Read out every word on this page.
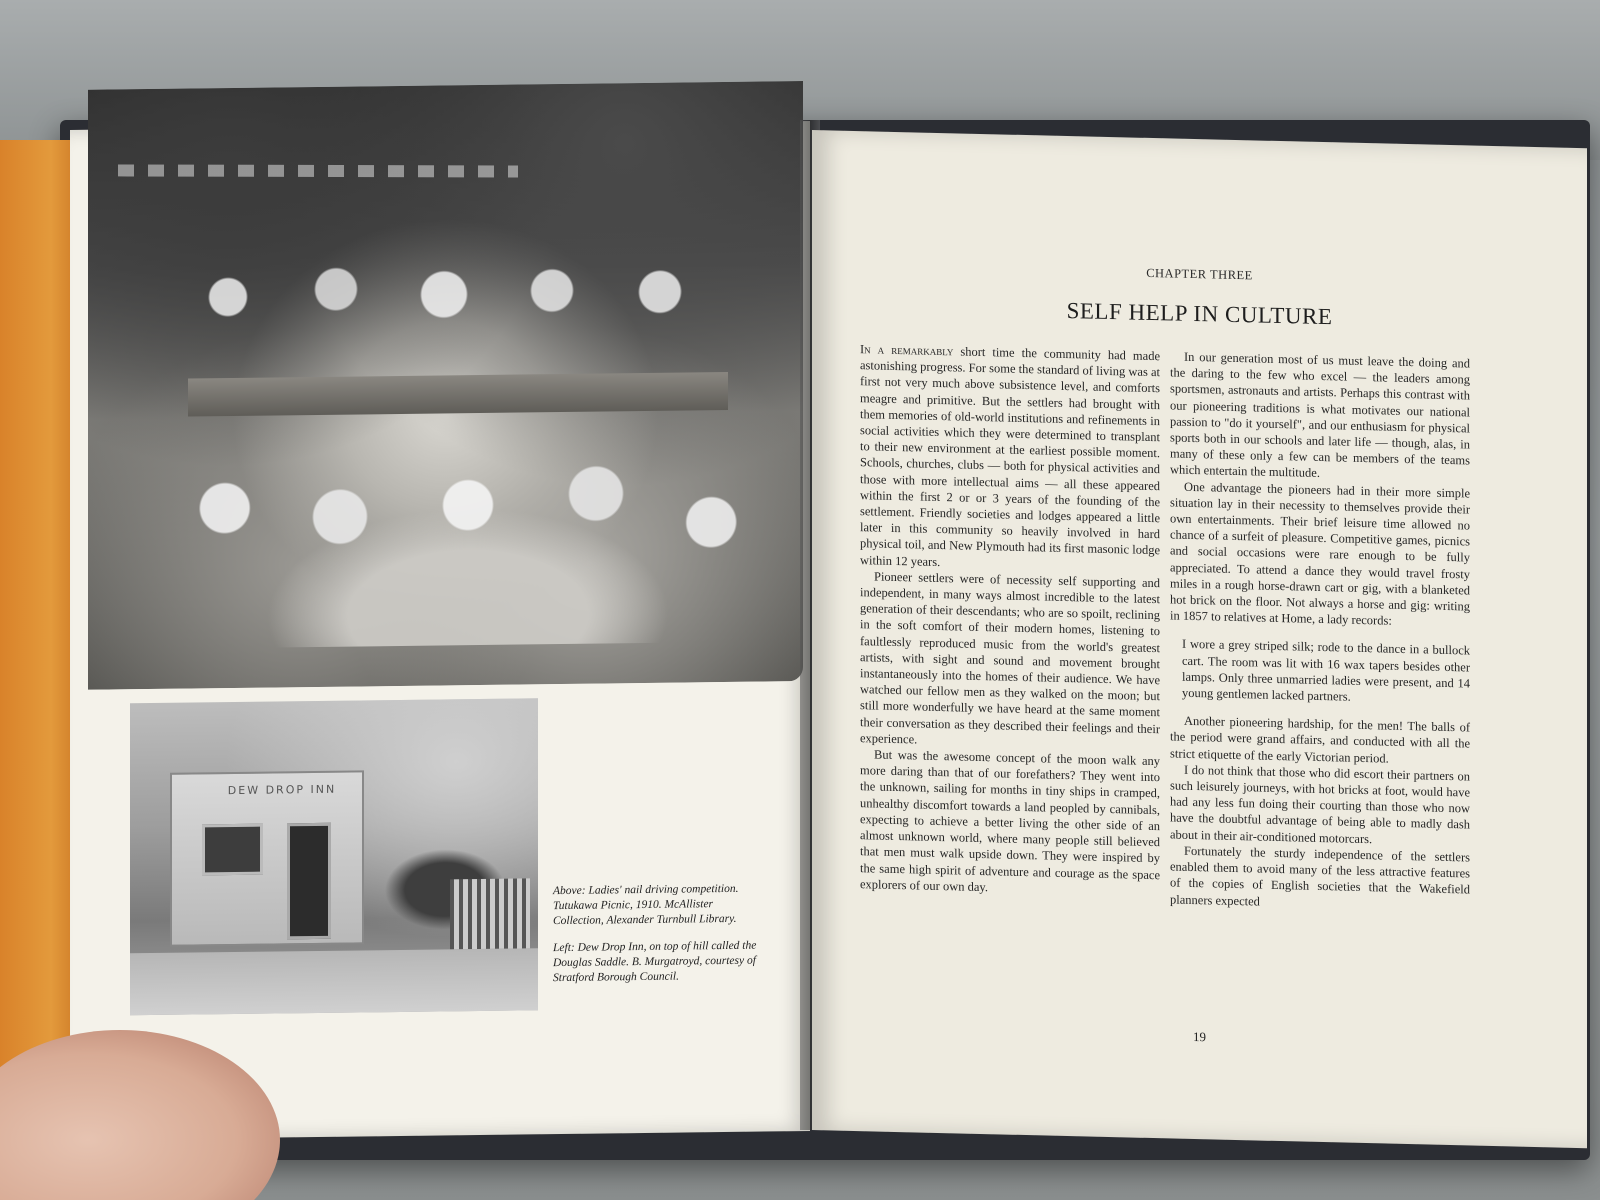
DEW DROP INN

Above: Ladies' nail driving competition. Tutukawa Picnic, 1910. McAllister Collection, Alexander Turnbull Library.

Left: Dew Drop Inn, on top of hill called the Douglas Saddle. B. Murgatroyd, courtesy of Stratford Borough Council.

CHAPTER THREE
SELF HELP IN CULTURE

In a remarkably short time the community had made astonishing progress. For some the standard of living was at first not very much above subsistence level, and comforts meagre and primitive. But the settlers had brought with them memories of old-world institutions and refinements in social activities which they were determined to transplant to their new environment at the earliest possible moment. Schools, churches, clubs — both for physical activities and those with more intellectual aims — all these appeared within the first 2 or or 3 years of the founding of the settlement. Friendly societies and lodges appeared a little later in this community so heavily involved in hard physical toil, and New Plymouth had its first masonic lodge within 12 years.

Pioneer settlers were of necessity self supporting and independent, in many ways almost incredible to the latest generation of their descendants; who are so spoilt, reclining in the soft comfort of their modern homes, listening to faultlessly reproduced music from the world's greatest artists, with sight and sound and movement brought instantaneously into the homes of their audience. We have watched our fellow men as they walked on the moon; but still more wonderfully we have heard at the same moment their conversation as they described their feelings and their experience.

But was the awesome concept of the moon walk any more daring than that of our forefathers? They went into the unknown, sailing for months in tiny ships in cramped, unhealthy discomfort towards a land peopled by cannibals, expecting to achieve a better living the other side of an almost unknown world, where many people still believed that men must walk upside down. They were inspired by the same high spirit of adventure and courage as the space explorers of our own day.

In our generation most of us must leave the doing and the daring to the few who excel — the leaders among sportsmen, astronauts and artists. Perhaps this contrast with our pioneering traditions is what motivates our national passion to "do it yourself", and our enthusiasm for physical sports both in our schools and later life — though, alas, in many of these only a few can be members of the teams which entertain the multitude.

One advantage the pioneers had in their more simple situation lay in their necessity to themselves provide their own entertainments. Their brief leisure time allowed no chance of a surfeit of pleasure. Competitive games, picnics and social occasions were rare enough to be fully appreciated. To attend a dance they would travel frosty miles in a rough horse-drawn cart or gig, with a blanketed hot brick on the floor. Not always a horse and gig: writing in 1857 to relatives at Home, a lady records:

I wore a grey striped silk; rode to the dance in a bullock cart. The room was lit with 16 wax tapers besides other lamps. Only three unmarried ladies were present, and 14 young gentlemen lacked partners.

Another pioneering hardship, for the men! The balls of the period were grand affairs, and conducted with all the strict etiquette of the early Victorian period.

I do not think that those who did escort their partners on such leisurely journeys, with hot bricks at foot, would have had any less fun doing their courting than those who now have the doubtful advantage of being able to madly dash about in their air-conditioned motorcars.

Fortunately the sturdy independence of the settlers enabled them to avoid many of the less attractive features of the copies of English societies that the Wakefield planners expected

19
